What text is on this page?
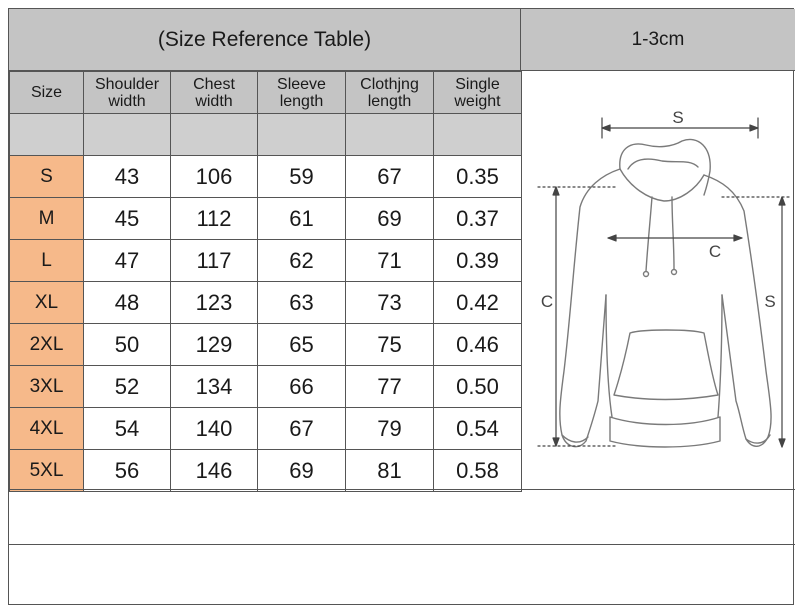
(Size Reference Table)	1-3cm
Size	Shoulder width	Chest width	Sleeve length	Clothjng length	Single weight

S	43	106	59	67	0.35
M	45	112	61	69	0.37
L	47	117	62	71	0.39
XL	48	123	63	73	0.42
2XL	50	129	65	75	0.46
3XL	52	134	66	77	0.50
4XL	54	140	67	79	0.54
5XL	56	146	69	81	0.58
S
C
C	S
